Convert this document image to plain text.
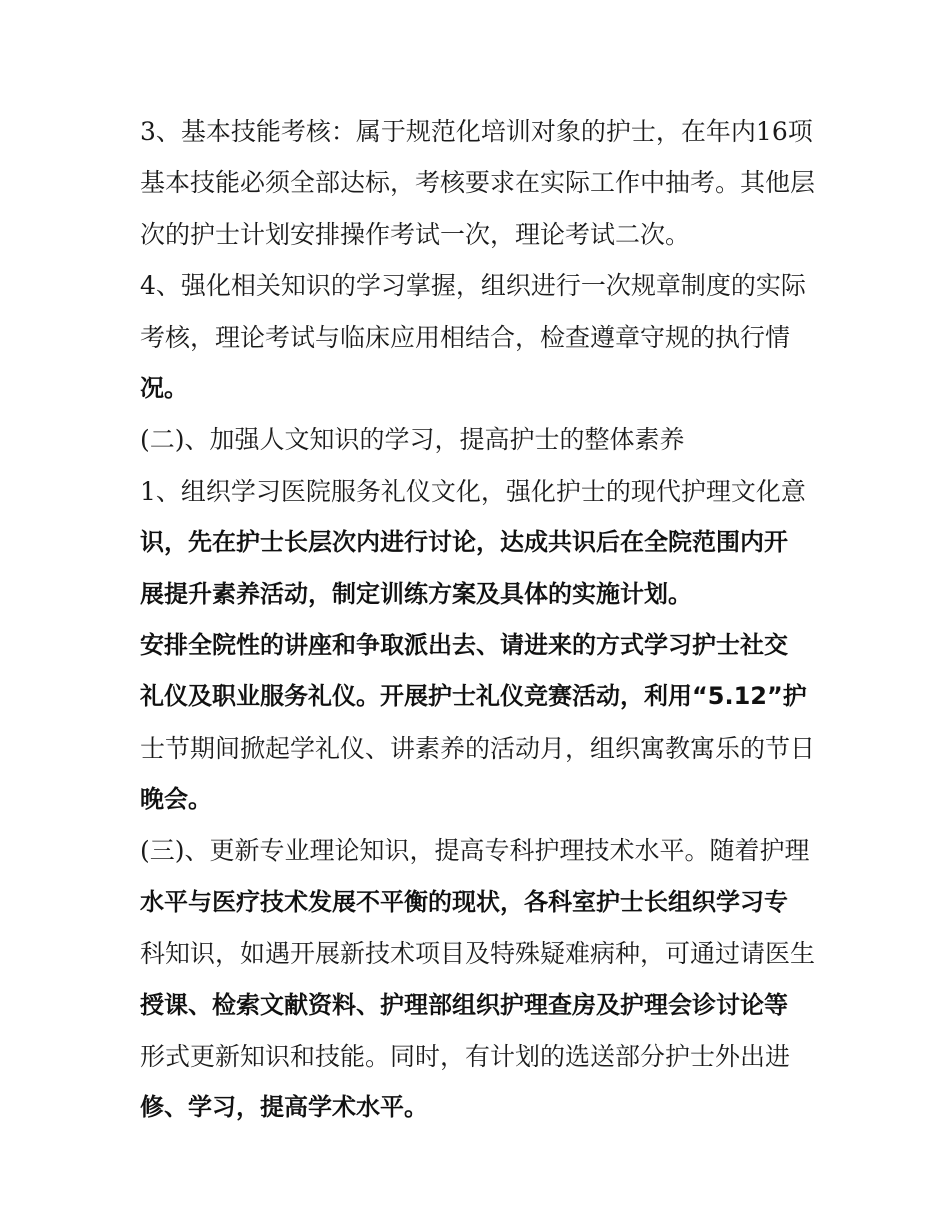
3、基本技能考核：属于规范化培训对象的护士，在年内16项
基本技能必须全部达标，考核要求在实际工作中抽考。其他层
次的护士计划安排操作考试一次，理论考试二次。
4、强化相关知识的学习掌握，组织进行一次规章制度的实际
考核，理论考试与临床应用相结合，检查遵章守规的执行情
况。
(二)、加强人文知识的学习，提高护士的整体素养
1、组织学习医院服务礼仪文化，强化护士的现代护理文化意
识，先在护士长层次内进行讨论，达成共识后在全院范围内开
展提升素养活动，制定训练方案及具体的实施计划。
安排全院性的讲座和争取派出去、请进来的方式学习护士社交
礼仪及职业服务礼仪。开展护士礼仪竞赛活动，利用“5.12”护
士节期间掀起学礼仪、讲素养的活动月，组织寓教寓乐的节日
晚会。
(三)、更新专业理论知识，提高专科护理技术水平。随着护理
水平与医疗技术发展不平衡的现状，各科室护士长组织学习专
科知识，如遇开展新技术项目及特殊疑难病种，可通过请医生
授课、检索文献资料、护理部组织护理查房及护理会诊讨论等
形式更新知识和技能。同时，有计划的选送部分护士外出进
修、学习，提高学术水平。
